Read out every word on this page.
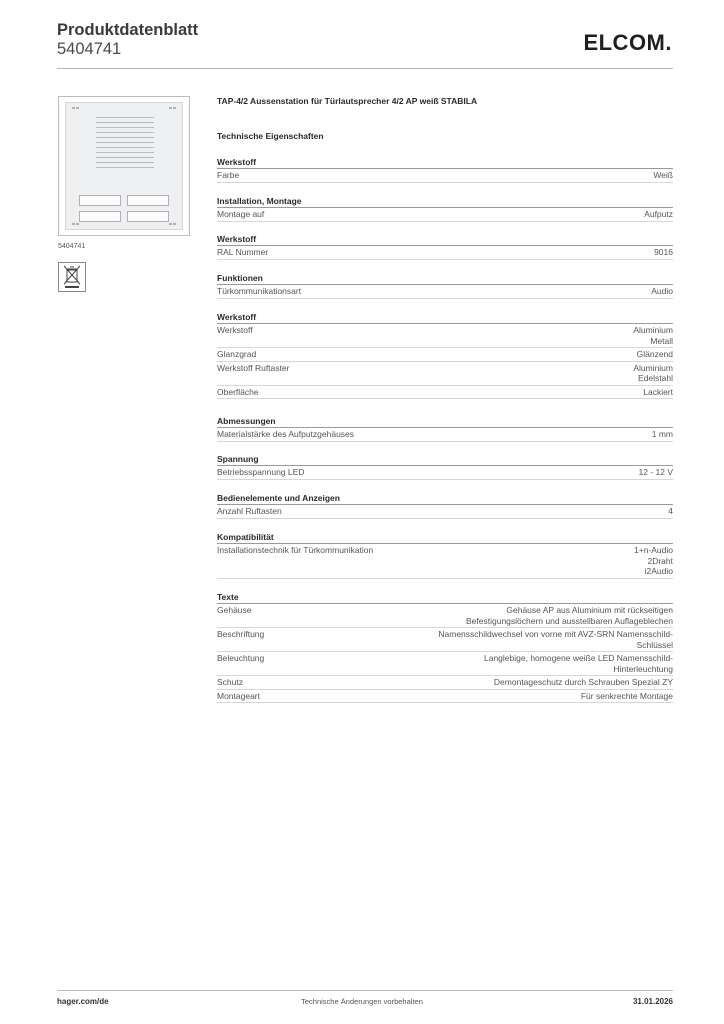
Produktdatenblatt
5404741	ELCOM.
5404741
TAP-4/2 Aussenstation für Türlautsprecher 4/2 AP weiß STABILA
Technische Eigenschaften
Werkstoff
Farbe	Weiß
Installation, Montage
Montage auf	Aufputz
Werkstoff
RAL Nummer	9016
Funktionen
Türkommunikationsart	Audio
Werkstoff
Werkstoff	Aluminium
Metall
Glanzgrad	Glänzend
Werkstoff Ruftaster	Aluminium
Edelstahl
Oberfläche	Lackiert
Abmessungen
Materialstärke des Aufputzgehäuses	1 mm
Spannung
Betriebsspannung LED	12 - 12 V
Bedienelemente und Anzeigen
Anzahl Ruftasten	4
Kompatibilität
Installationstechnik für Türkommunikation	1+n-Audio
2Draht
i2Audio
Texte
Gehäuse	Gehäuse AP aus Aluminium mit rückseitigen
Befestigungslöchern und ausstellbaren Auflageblechen
Beschriftung	Namensschildwechsel von vorne mit AVZ-SRN Namensschild-
Schlüssel
Beleuchtung	Langlebige, homogene weiße LED Namensschild-
Hinterleuchtung
Schutz	Demontageschutz durch Schrauben Spezial ZY
Montageart	Für senkrechte Montage
hager.com/de	Technische Änderungen vorbehalten	31.01.2026
